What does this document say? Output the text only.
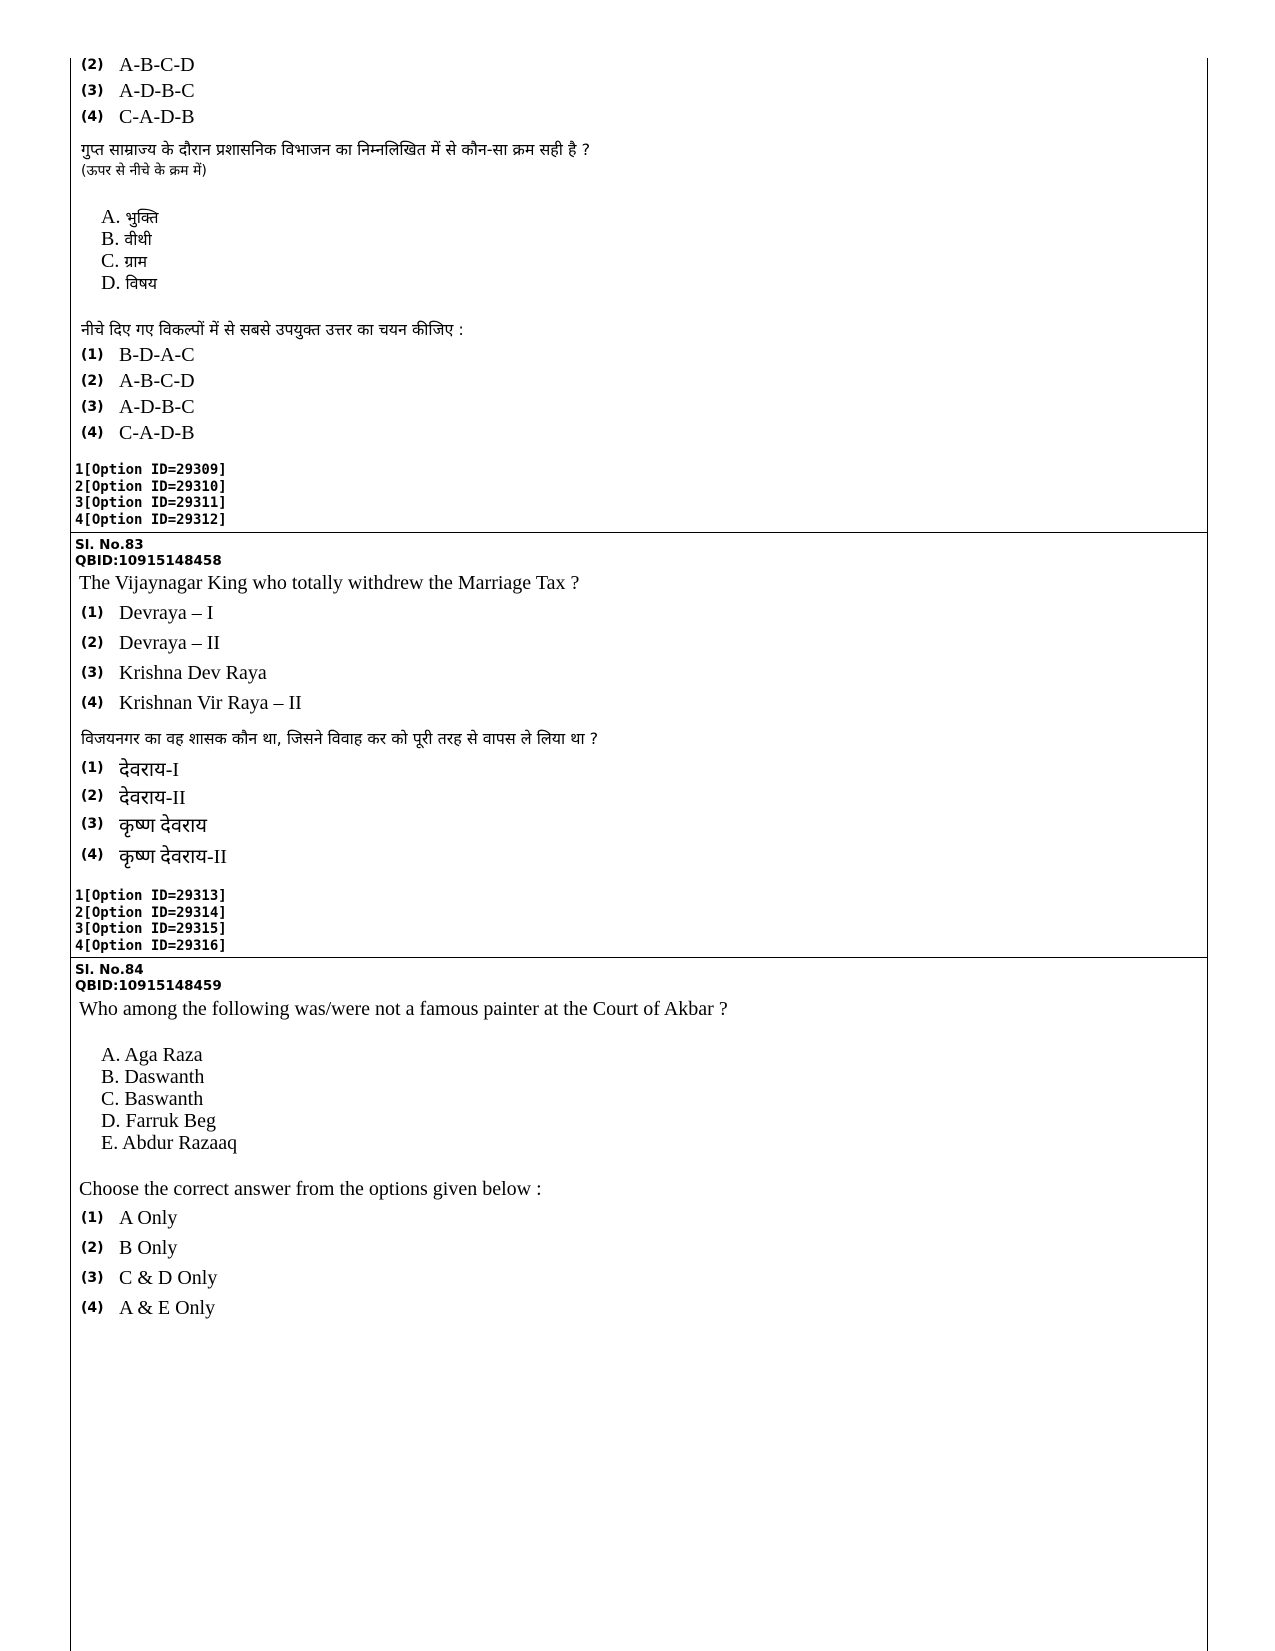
(2) A-B-C-D
(3) A-D-B-C
(4) C-A-D-B
गुप्त साम्राज्य के दौरान प्रशासनिक विभाजन का निम्नलिखित में से कौन-सा क्रम सही है ?
(ऊपर से नीचे के क्रम में)
A. भुक्ति
B. वीथी
C. ग्राम
D. विषय
नीचे दिए गए विकल्पों में से सबसे उपयुक्त उत्तर का चयन कीजिए :
(1) B-D-A-C
(2) A-B-C-D
(3) A-D-B-C
(4) C-A-D-B
1[Option ID=29309]
2[Option ID=29310]
3[Option ID=29311]
4[Option ID=29312]
Sl. No.83
QBID:10915148458
The Vijaynagar King who totally withdrew the Marriage Tax ?
(1) Devraya – I
(2) Devraya – II
(3) Krishna Dev Raya
(4) Krishnan Vir Raya – II
विजयनगर का वह शासक कौन था, जिसने विवाह कर को पूरी तरह से वापस ले लिया था ?
(1) देवराय-I
(2) देवराय-II
(3) कृष्ण देवराय
(4) कृष्ण देवराय-II
1[Option ID=29313]
2[Option ID=29314]
3[Option ID=29315]
4[Option ID=29316]
Sl. No.84
QBID:10915148459
Who among the following was/were not a famous painter at the Court of Akbar ?
A. Aga Raza
B. Daswanth
C. Baswanth
D. Farruk Beg
E. Abdur Razaaq
Choose the correct answer from the options given below :
(1) A Only
(2) B Only
(3) C & D Only
(4) A & E Only
